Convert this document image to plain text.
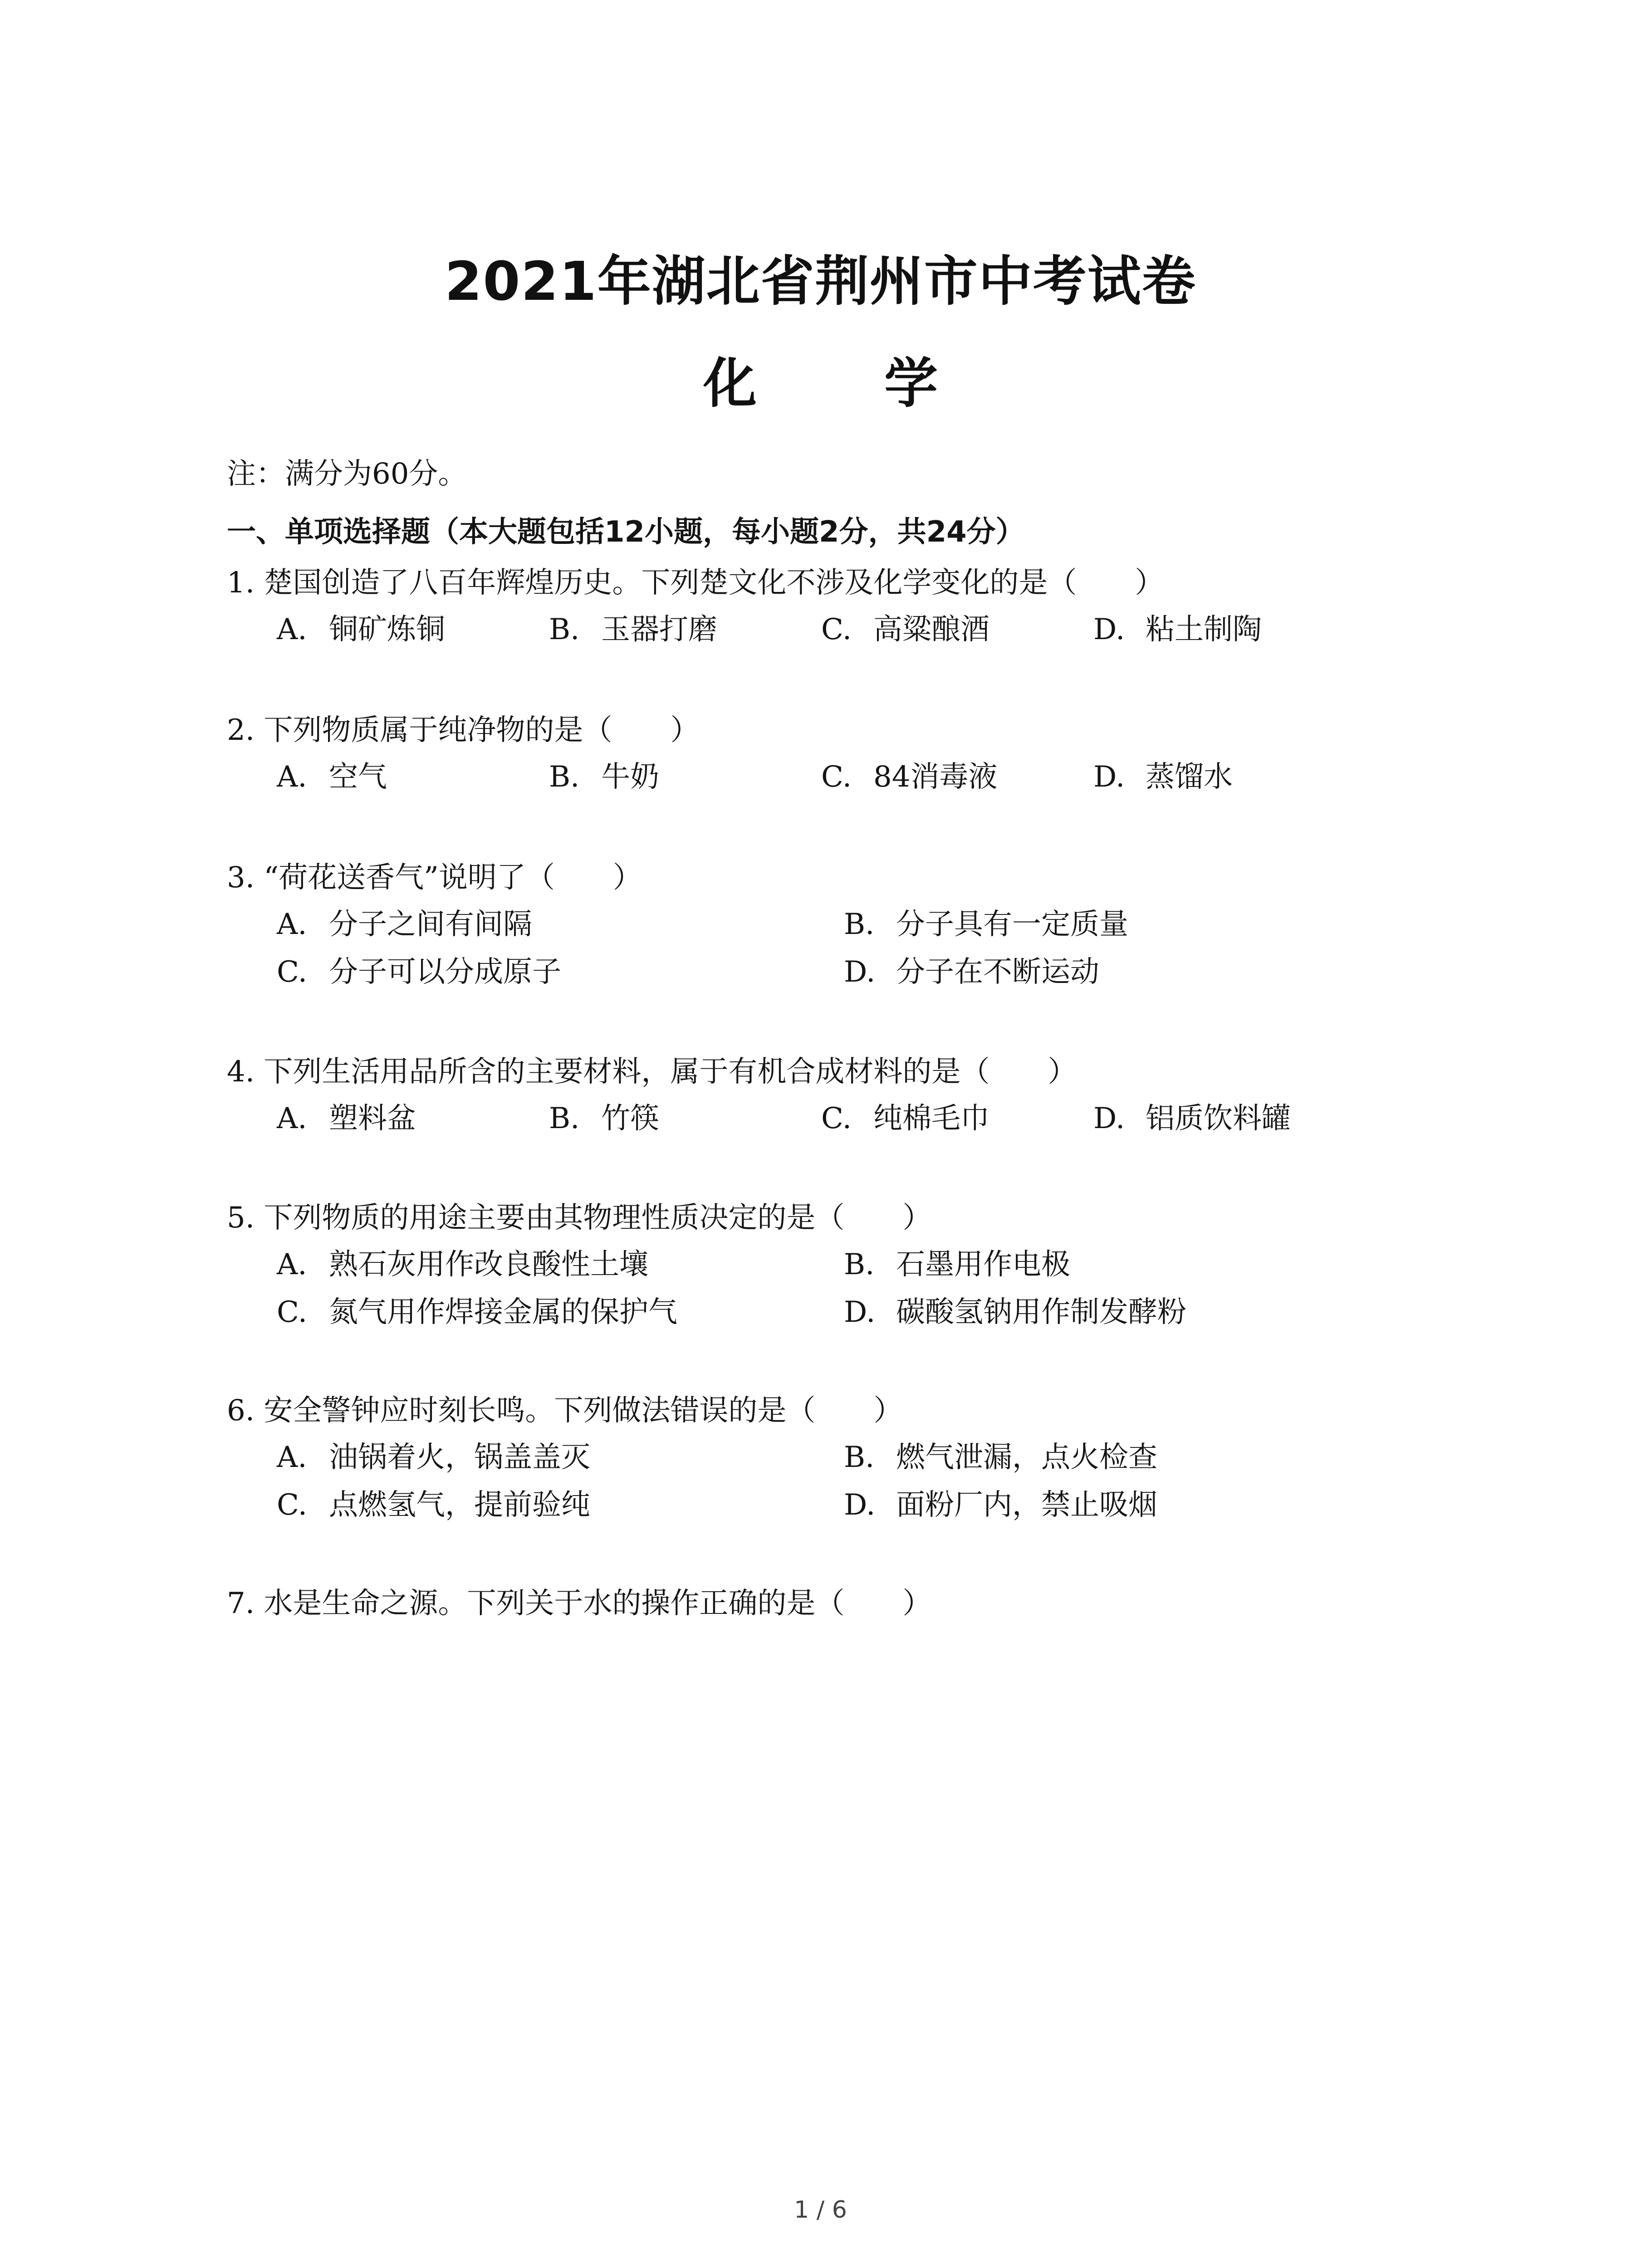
2021年湖北省荆州市中考试卷
化 学
注：满分为60分。
一、单项选择题（本大题包括12小题，每小题2分，共24分）
1. 楚国创造了八百年辉煌历史。下列楚文化不涉及化学变化的是（　　）
A. 铜矿炼铜	B. 玉器打磨	C. 高粱酿酒	D. 粘土制陶
2. 下列物质属于纯净物的是（　　）
A. 空气	B. 牛奶	C. 84消毒液	D. 蒸馏水
3. “荷花送香气”说明了（　　）
A. 分子之间有间隔	B. 分子具有一定质量
C. 分子可以分成原子	D. 分子在不断运动
4. 下列生活用品所含的主要材料，属于有机合成材料的是（　　）
A. 塑料盆	B. 竹筷	C. 纯棉毛巾	D. 铝质饮料罐
5. 下列物质的用途主要由其物理性质决定的是（　　）
A. 熟石灰用作改良酸性土壤	B. 石墨用作电极
C. 氮气用作焊接金属的保护气	D. 碳酸氢钠用作制发酵粉
6. 安全警钟应时刻长鸣。下列做法错误的是（　　）
A. 油锅着火，锅盖盖灭	B. 燃气泄漏，点火检查
C. 点燃氢气，提前验纯	D. 面粉厂内，禁止吸烟
7. 水是生命之源。下列关于水的操作正确的是（　　）
1 / 6
